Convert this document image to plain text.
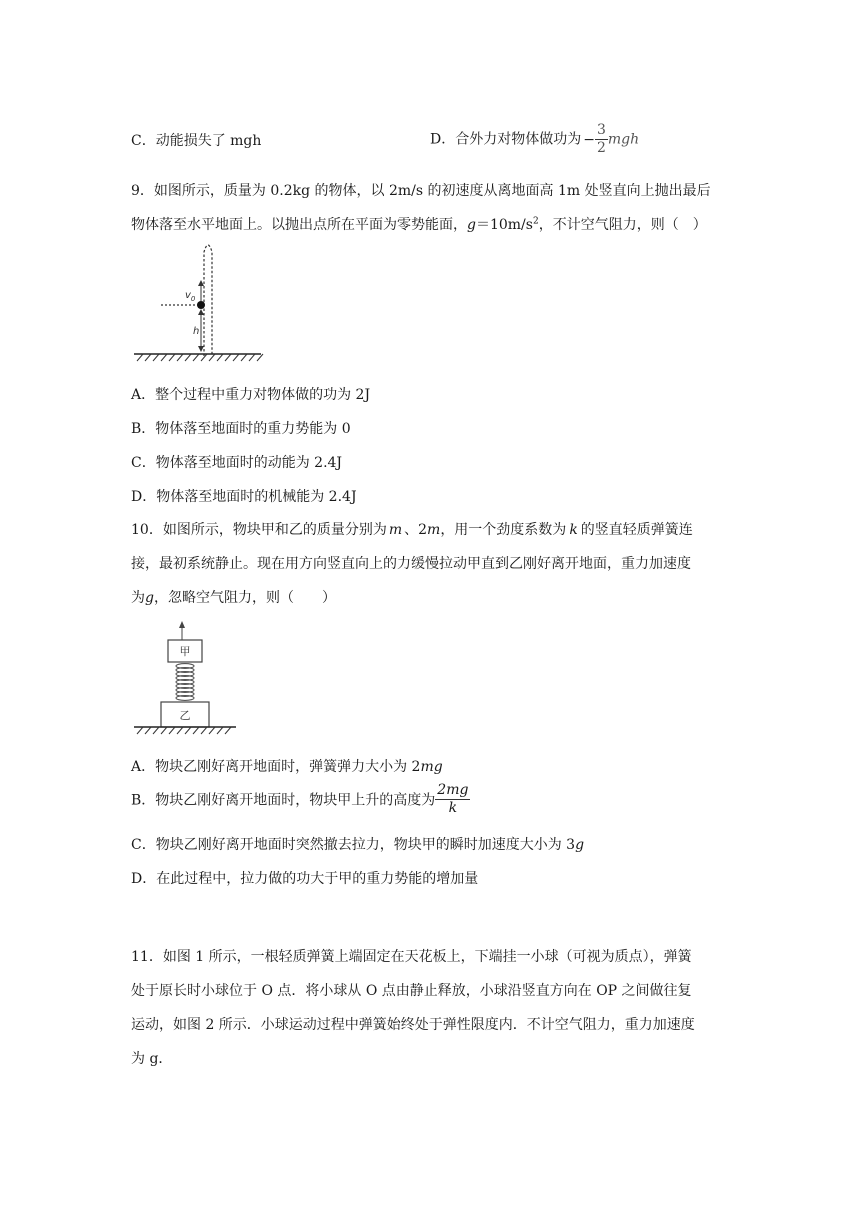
C．动能损失了 mgh	D．合外力对物体做功为 − $\frac{3}{2}$ mgh
9．如图所示，质量为 0.2kg 的物体，以 2m/s 的初速度从离地面高 1m 处竖直向上抛出最后
物体落至水平地面上。以抛出点所在平面为零势能面，$g=10m/s^2$，不计空气阻力，则（　）
$v_0$
h
A．整个过程中重力对物体做的功为 2J
B．物体落至地面时的重力势能为 0
C．物体落至地面时的动能为 2.4J
D．物体落至地面时的机械能为 2.4J
10．如图所示，物块甲和乙的质量分别为 m 、2m，用一个劲度系数为 k 的竖直轻质弹簧连
接，最初系统静止。现在用方向竖直向上的力缓慢拉动甲直到乙刚好离开地面，重力加速度
为g，忽略空气阻力，则（　　）
甲
乙
A．物块乙刚好离开地面时，弹簧弹力大小为 2mg
B．物块乙刚好离开地面时，物块甲上升的高度为 $\frac{2mg}{k}$
C．物块乙刚好离开地面时突然撤去拉力，物块甲的瞬时加速度大小为 3g
D．在此过程中，拉力做的功大于甲的重力势能的增加量
11．如图 1 所示，一根轻质弹簧上端固定在天花板上，下端挂一小球（可视为质点），弹簧
处于原长时小球位于 O 点．将小球从 O 点由静止释放，小球沿竖直方向在 OP 之间做往复
运动，如图 2 所示．小球运动过程中弹簧始终处于弹性限度内．不计空气阻力，重力加速度
为 g．
